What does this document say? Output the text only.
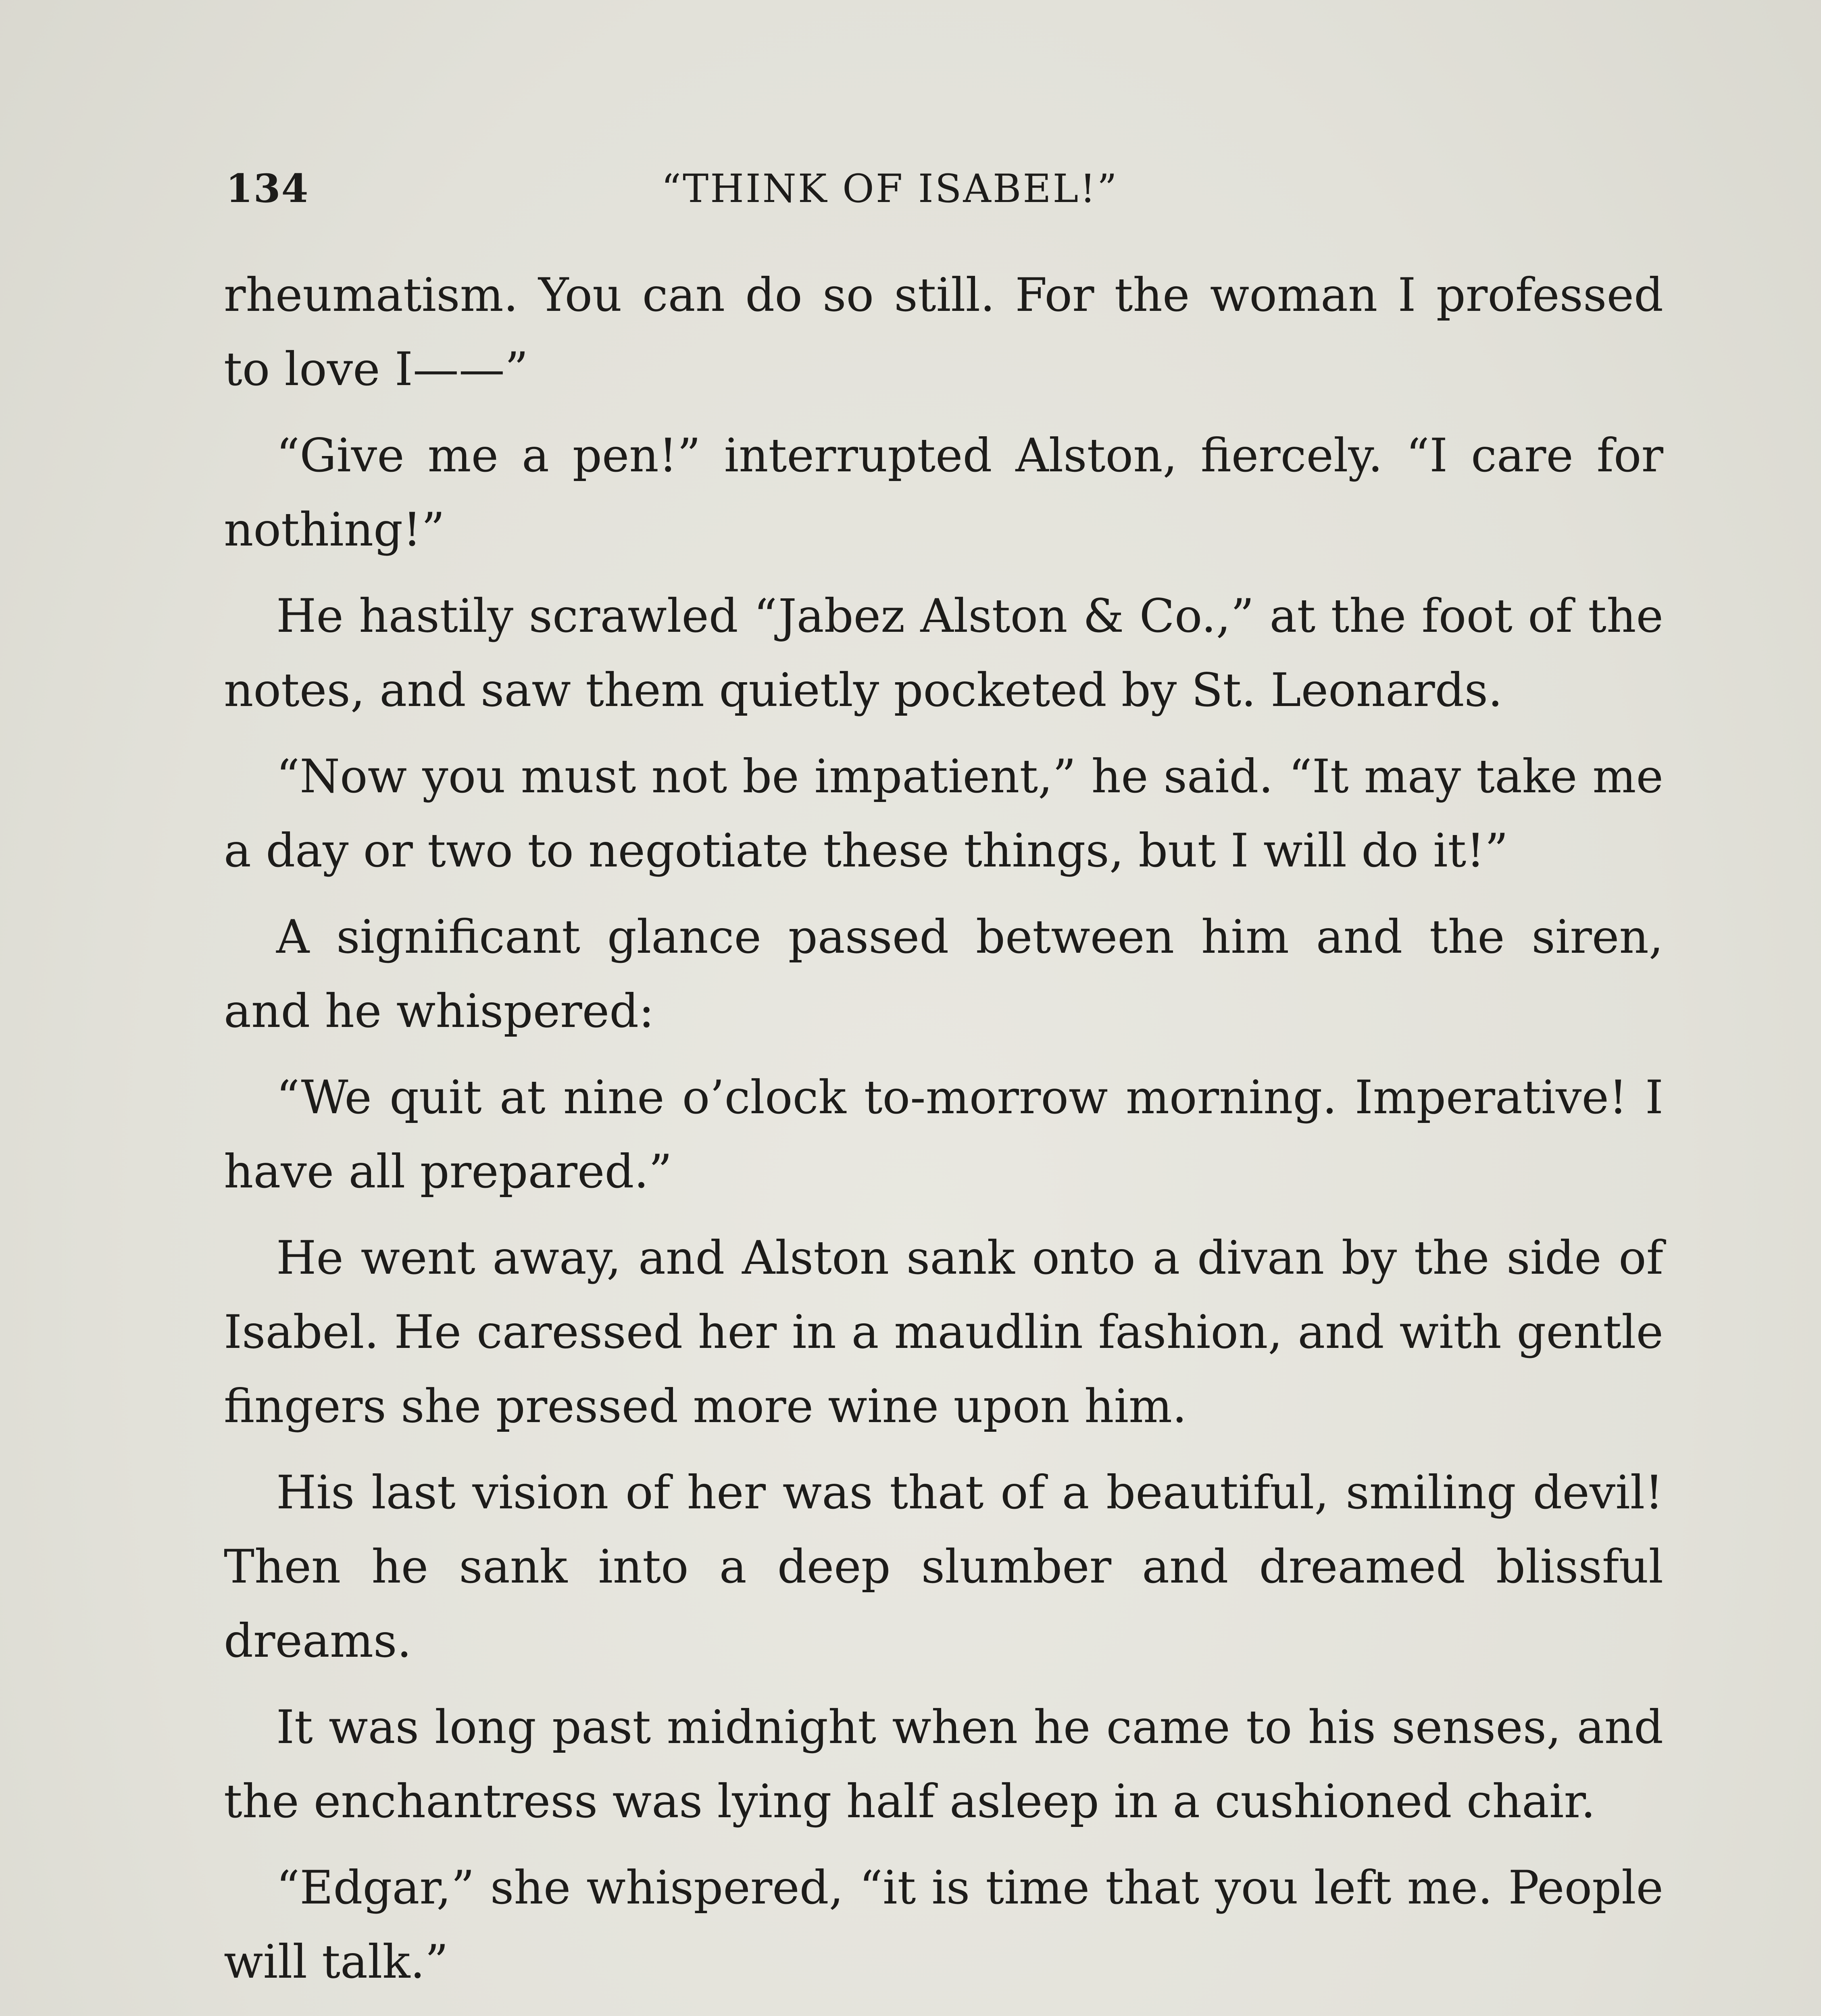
134	“THINK OF ISABEL!”

rheumatism. You can do so still. For the woman I professed to love I——”

“Give me a pen!” interrupted Alston, fiercely. “I care for nothing!”

He hastily scrawled “Jabez Alston & Co.,” at the foot of the notes, and saw them quietly pocketed by St. Leonards.

“Now you must not be impatient,” he said. “It may take me a day or two to negotiate these things, but I will do it!”

A significant glance passed between him and the siren, and he whispered:

“We quit at nine o’clock to-morrow morning. Imperative! I have all prepared.”

He went away, and Alston sank onto a divan by the side of Isabel. He caressed her in a maudlin fashion, and with gentle fingers she pressed more wine upon him.

His last vision of her was that of a beautiful, smiling devil! Then he sank into a deep slumber and dreamed blissful dreams.

It was long past midnight when he came to his senses, and the enchantress was lying half asleep in a cushioned chair.

“Edgar,” she whispered, “it is time that you left me. People will talk.”
